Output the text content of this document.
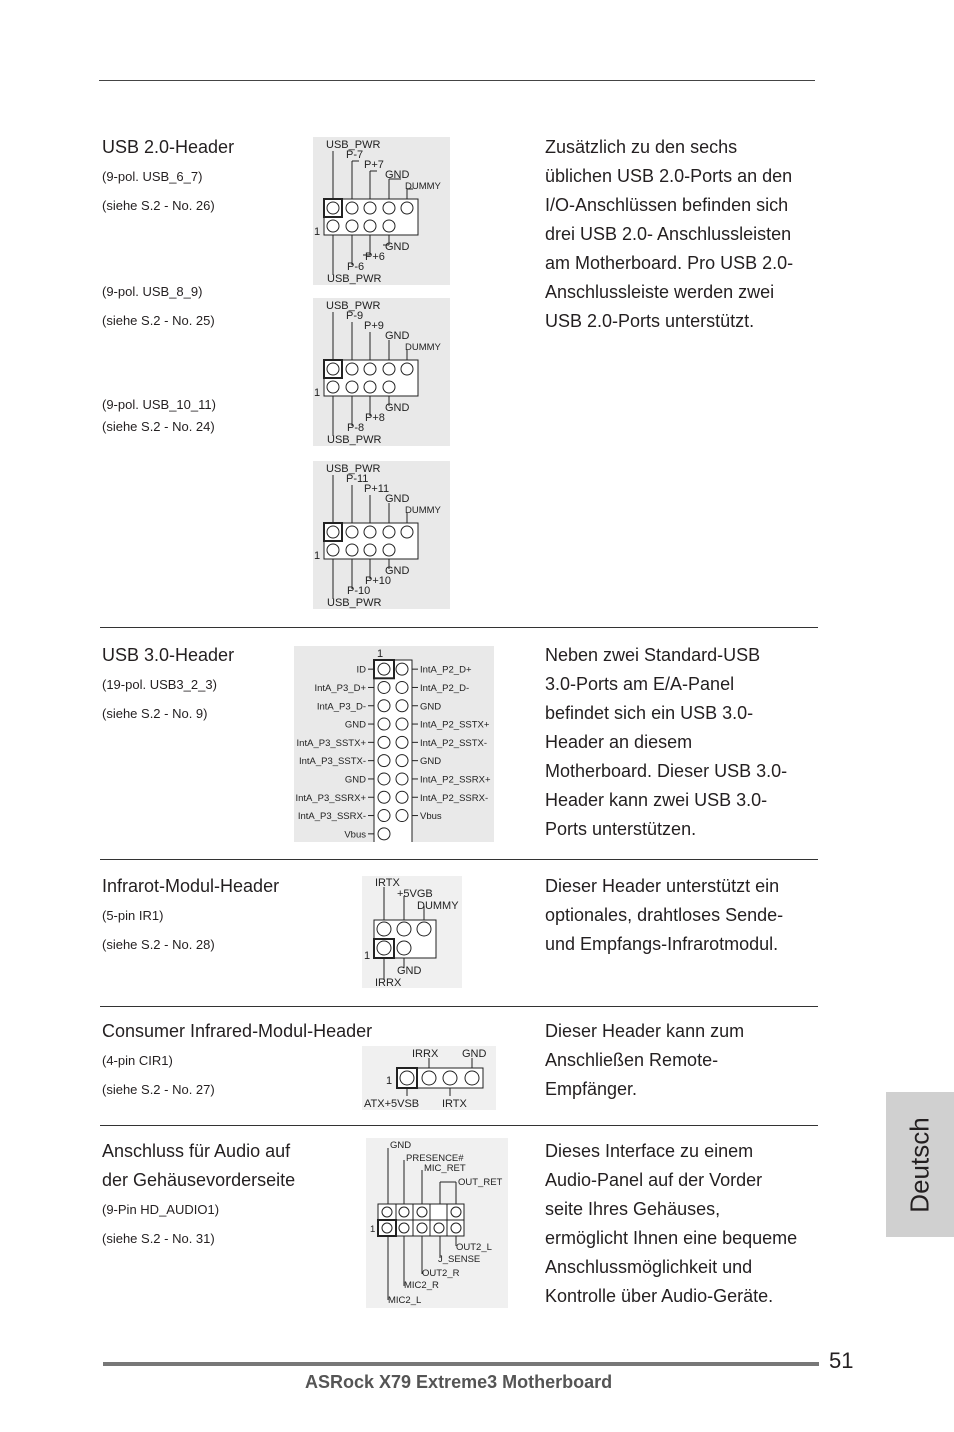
USB 2.0-Header
(9-pol. USB_6_7)
(siehe S.2 - No. 26)
(9-pol. USB_8_9)
(siehe S.2 - No. 25)
(9-pol. USB_10_11)
(siehe S.2 - No. 24)
Zusätzlich zu den sechs
üblichen USB 2.0-Ports an den
I/O-Anschlüssen befinden sich
drei USB 2.0- Anschlussleisten
am Motherboard. Pro USB 2.0-
Anschlussleiste werden zwei
USB 2.0-Ports unterstützt.
USB_PWR
P-7
P+7
GND
DUMMY
1
GND
P+6
P-6
USB_PWR
USB_PWR
P-9
P+9
GND
DUMMY
1
GND
P+8
P-8
USB_PWR
USB_PWR
P-11
P+11
GND
DUMMY
1
GND
P+10
P-10
USB_PWR
USB 3.0-Header
(19-pol. USB3_2_3)
(siehe S.2 - No. 9)
Neben zwei Standard-USB
3.0-Ports am E/A-Panel
befindet sich ein USB 3.0-
Header an diesem
Motherboard. Dieser USB 3.0-
Header kann zwei USB 3.0-
Ports unterstützen.
1
ID	IntA_P2_D+
IntA_P3_D+	IntA_P2_D-
IntA_P3_D-	GND
GND	IntA_P2_SSTX+
IntA_P3_SSTX+	IntA_P2_SSTX-
IntA_P3_SSTX-	GND
GND	IntA_P2_SSRX+
IntA_P3_SSRX+	IntA_P2_SSRX-
IntA_P3_SSRX-	Vbus
Vbus
Infrarot-Modul-Header
(5-pin IR1)
(siehe S.2 - No. 28)
Dieser Header unterstützt ein
optionales, drahtloses Sende-
und Empfangs-Infrarotmodul.
IRTX
+5VGB
DUMMY
1
GND
IRRX
Consumer Infrared-Modul-Header
(4-pin CIR1)
(siehe S.2 - No. 27)
Dieser Header kann zum
Anschließen Remote-
Empfänger.
IRRX GND
1
ATX+5VSB IRTX
Anschluss für Audio auf
der Gehäusevorderseite
(9-Pin HD_AUDIO1)
(siehe S.2 - No. 31)
Dieses Interface zu einem
Audio-Panel auf der Vorder
seite Ihres Gehäuses,
ermöglicht Ihnen eine bequeme
Anschlussmöglichkeit und
Kontrolle über Audio-Geräte.
GND
PRESENCE#
MIC_RET
OUT_RET
1
OUT2_L
J_SENSE
OUT2_R
MIC2_R
MIC2_L
Deutsch
51
ASRock X79 Extreme3 Motherboard
